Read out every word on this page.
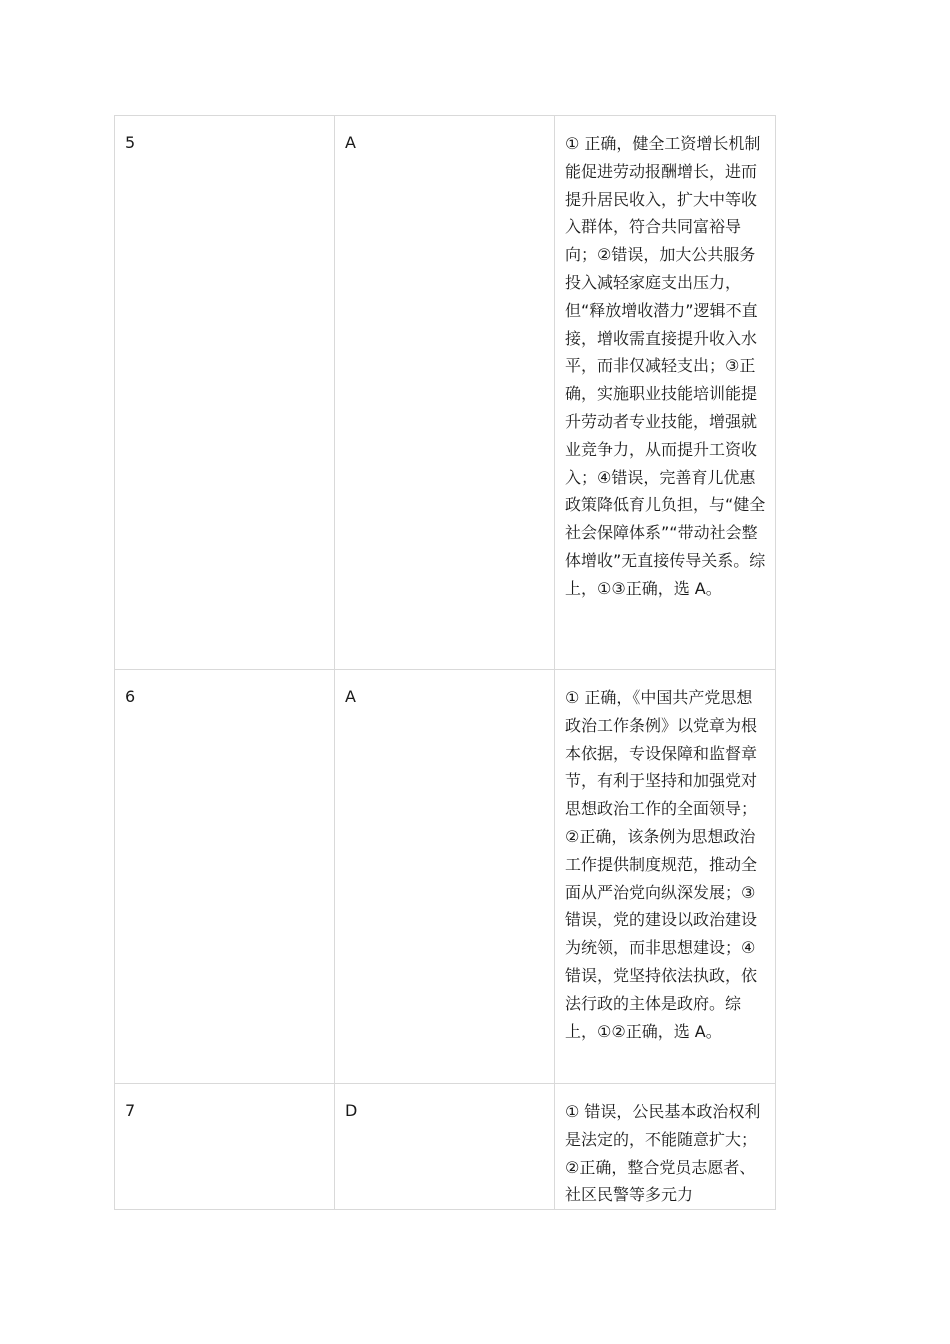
5	A	① 正确，健全工资增长机制能促进劳动报酬增长，进而提升居民收入，扩大中等收入群体，符合共同富裕导向；②错误，加大公共服务投入减轻家庭支出压力，但“释放增收潜力”逻辑不直接，增收需直接提升收入水平，而非仅减轻支出；③正确，实施职业技能培训能提升劳动者专业技能，增强就业竞争力，从而提升工资收入；④错误，完善育儿优惠政策降低育儿负担，与“健全社会保障体系”“带动社会整体增收”无直接传导关系。综上，①③正确，选 A。

6	A	① 正确，《中国共产党思想政治工作条例》以党章为根本依据，专设保障和监督章节，有利于坚持和加强党对思想政治工作的全面领导；②正确，该条例为思想政治工作提供制度规范，推动全面从严治党向纵深发展；③错误，党的建设以政治建设为统领，而非思想建设；④错误，党坚持依法执政，依法行政的主体是政府。综上，①②正确，选 A。

7	D	① 错误，公民基本政治权利是法定的，不能随意扩大；②正确，整合党员志愿者、社区民警等多元力
